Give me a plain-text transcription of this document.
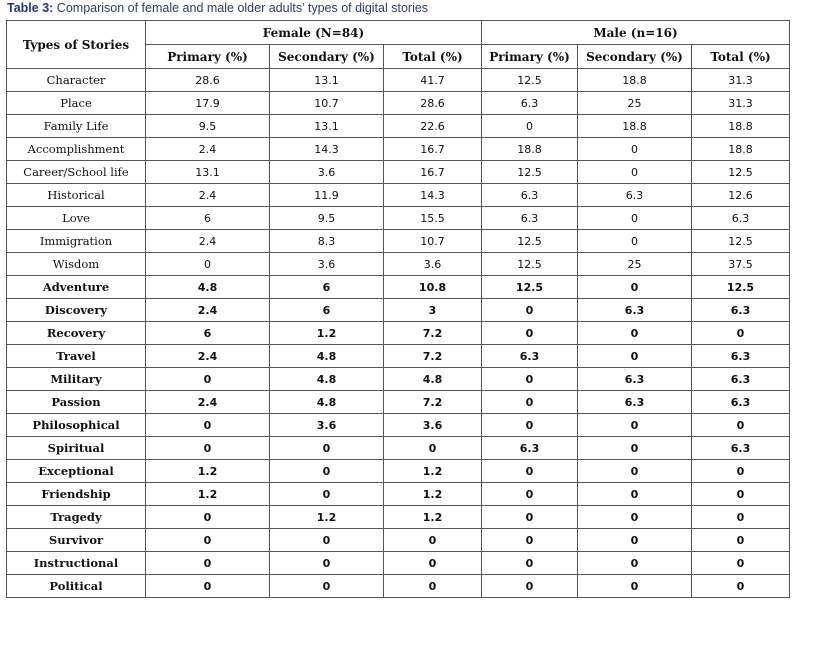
Table 3: Comparison of female and male older adults’ types of digital stories
Types of Stories	Female (N=84)			Male (n=16)		
	Primary (%)	Secondary (%)	Total (%)	Primary (%)	Secondary (%)	Total (%)
Character	28.6	13.1	41.7	12.5	18.8	31.3
Place	17.9	10.7	28.6	6.3	25	31.3
Family Life	9.5	13.1	22.6	0	18.8	18.8
Accomplishment	2.4	14.3	16.7	18.8	0	18.8
Career/School life	13.1	3.6	16.7	12.5	0	12.5
Historical	2.4	11.9	14.3	6.3	6.3	12.6
Love	6	9.5	15.5	6.3	0	6.3
Immigration	2.4	8.3	10.7	12.5	0	12.5
Wisdom	0	3.6	3.6	12.5	25	37.5
Adventure	4.8	6	10.8	12.5	0	12.5
Discovery	2.4	6	3	0	6.3	6.3
Recovery	6	1.2	7.2	0	0	0
Travel	2.4	4.8	7.2	6.3	0	6.3
Military	0	4.8	4.8	0	6.3	6.3
Passion	2.4	4.8	7.2	0	6.3	6.3
Philosophical	0	3.6	3.6	0	0	0
Spiritual	0	0	0	6.3	0	6.3
Exceptional	1.2	0	1.2	0	0	0
Friendship	1.2	0	1.2	0	0	0
Tragedy	0	1.2	1.2	0	0	0
Survivor	0	0	0	0	0	0
Instructional	0	0	0	0	0	0
Political	0	0	0	0	0	0
